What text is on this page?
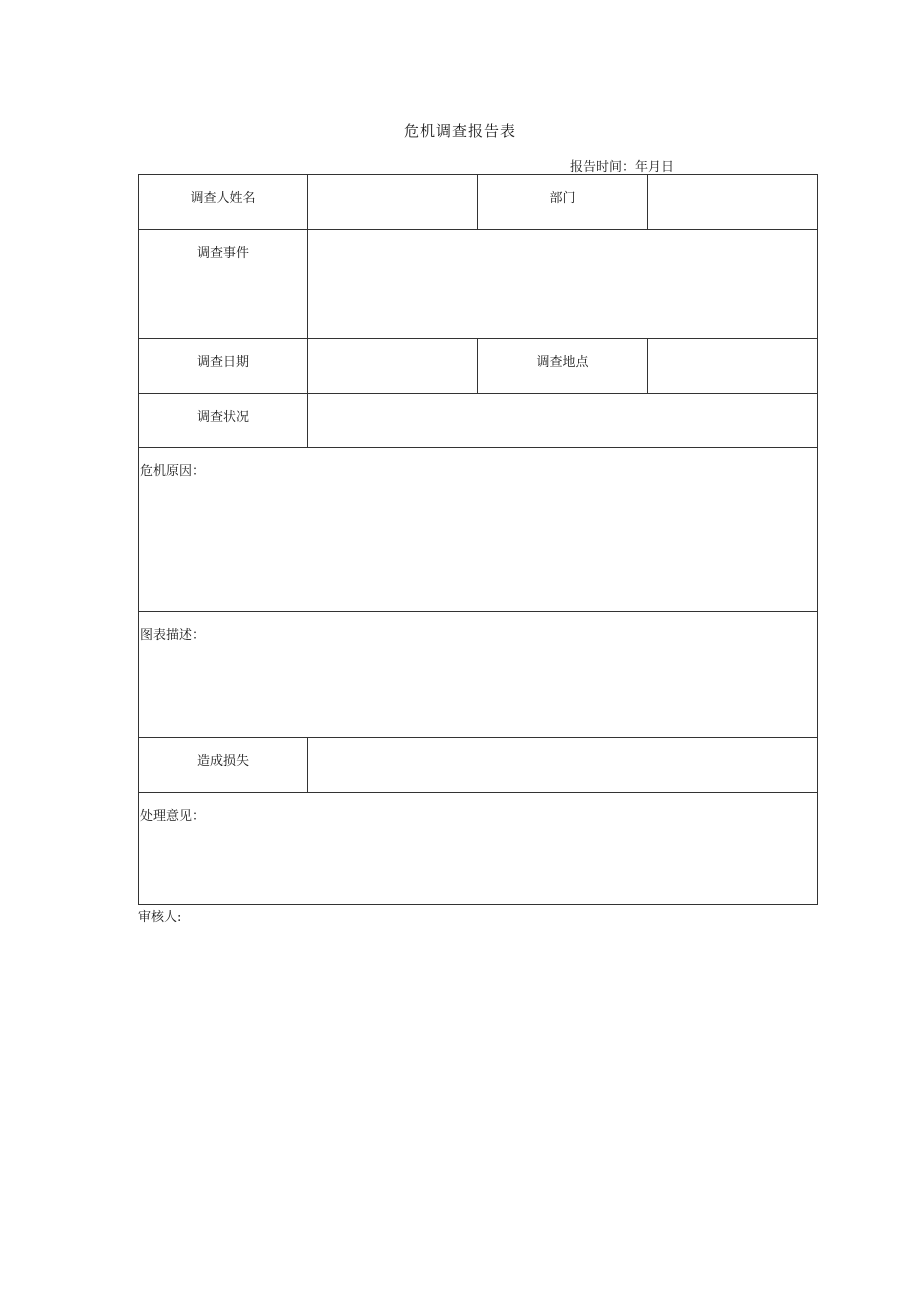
危机调查报告表
报告时间：年月日
调查人姓名		部门	
调查事件			
调查日期		调查地点	
调查状况			
危机原因：			
图表描述：			
造成损失			
处理意见：			
审核人:
